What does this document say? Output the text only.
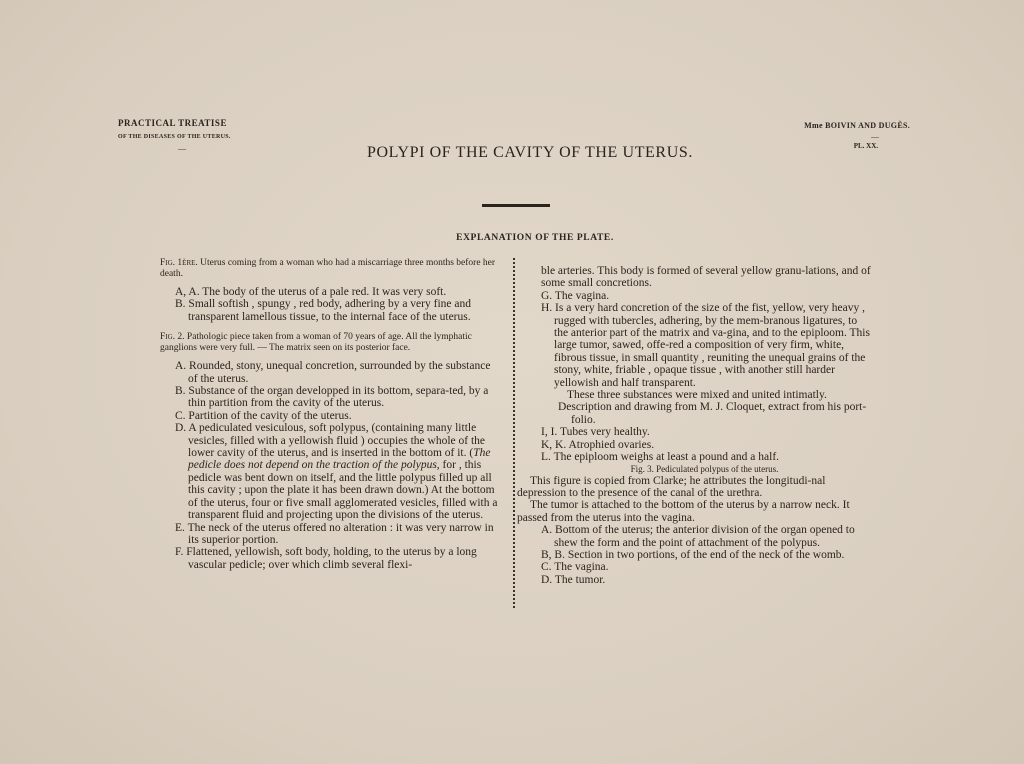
PRACTICAL TREATISE
OF THE DISEASES OF THE UTERUS.
—
Mme BOIVIN AND DUGÈS.
—
PL. XX.
POLYPI OF THE CAVITY OF THE UTERUS.
EXPLANATION OF THE PLATE.

Fig. 1ère. Uterus coming from a woman who had a miscarriage three months before her death.

A, A. The body of the uterus of a pale red. It was very soft.

B. Small softish , spungy , red body, adhering by a very fine and transparent lamellous tissue, to the internal face of the uterus.

Fig. 2. Pathologic piece taken from a woman of 70 years of age. All the lymphatic ganglions were very full. — The matrix seen on its posterior face.

A. Rounded, stony, unequal concretion, surrounded by the substance of the uterus.

B. Substance of the organ developped in its bottom, separa-ted, by a thin partition from the cavity of the uterus.

C. Partition of the cavity of the uterus.

D. A pediculated vesiculous, soft polypus, (containing many little vesicles, filled with a yellowish fluid ) occupies the whole of the lower cavity of the uterus, and is inserted in the bottom of it. (The pedicle does not depend on the traction of the polypus, for , this pedicle was bent down on itself, and the little polypus filled up all this cavity ; upon the plate it has been drawn down.) At the bottom of the uterus, four or five small agglomerated vesicles, filled with a transparent fluid and projecting upon the divisions of the uterus.

E. The neck of the uterus offered no alteration : it was very narrow in its superior portion.

F. Flattened, yellowish, soft body, holding, to the uterus by a long vascular pedicle; over which climb several flexi-

ble arteries. This body is formed of several yellow granu-lations, and of some small concretions.

G. The vagina.

H. Is a very hard concretion of the size of the fist, yellow, very heavy , rugged with tubercles, adhering, by the mem-branous ligatures, to the anterior part of the matrix and va-gina, and to the epiploom. This large tumor, sawed, offe-red a composition of very firm, white, fibrous tissue, in small quantity , reuniting the unequal grains of the stony, white, friable , opaque tissue , with another still harder yellowish and half transparent.

These three substances were mixed and united intimatly.

Description and drawing from M. J. Cloquet, extract from his port-folio.

I, I. Tubes very healthy.

K, K. Atrophied ovaries.

L. The epiploom weighs at least a pound and a half.

Fig. 3. Pediculated polypus of the uterus.

This figure is copied from Clarke; he attributes the longitudi-nal depression to the presence of the canal of the urethra.

The tumor is attached to the bottom of the uterus by a narrow neck. It passed from the uterus into the vagina.

A. Bottom of the uterus; the anterior division of the organ opened to shew the form and the point of attachment of the polypus.

B, B. Section in two portions, of the end of the neck of the womb.

C. The vagina.

D. The tumor.
